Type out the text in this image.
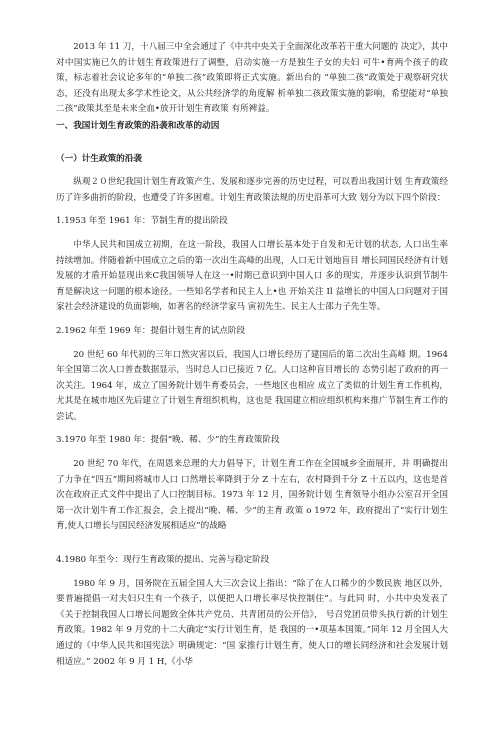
2013 年 11 刀，十八届三中全会通过了《中共中央关于全面深化改革若干重大问题的 决定》，其中对中国实施已久的计划生育政策进行了调整，启动实施一方是独生子女的夫妇 可牛•育两个孩子的政策，标志着社会议论多年的“单独二孩”政策即将正式实施。新出台的 “单独二孩”政策处于观察研究状态，还没有出现太多学术性论文，从公共经济学的角度解 析单独二孩政策实施的影响，希望能对“单独二孩”政策其至是未来全血•放开计划生育政策 有所裨益。

一、我国计划生育政策的沿袭和改革的动因

（一）计生政策的沿袭

纵观２０世纪我国计划生育政策产生、发展和逐步完善的历史过程，可以看出我国计划 生育政策经历了许多曲折的阶段，也遭受了许多困难。计划生育政策法规的历史沿革可大致 划分为以下四个阶段：

1.1953 年至 1961 年：节制生育的提出阶段

中华人民共和国成立初期，在这一阶段，我国人口增长基本处于自发和无计划的状态, 人口出生率持续增加。伴随着新中国成立之后的第一次出生高峰的出现，人口无计划地盲目 增长同国民经济有计划发展的才盾开始显现出来C我国领导人在这一•时期已意识到中国人口 多的现实，并逐步认识到节制牛育是解决这一问题的根本途径。一些知名学者和民主人上•也 开始关注 Il 益增长的中国人口问题对于国家社会经济建设的负面影响，如著名的经济学家马 寅初先生、民主人士邵力子先生等。

2.1962 年至 1969 年：提倡计划生育的试点阶段

20 世纪 60 年代初的三年口然灾害以后，我国人口增长经历了建国后的第二次出生高峰 期。1964 年全国第二次人口普查数据显示，当时总人口已接近 7 亿。人口这种盲目增长的 态势引起了政府的再一次关注。1964 年，成立了国务院计划牛育委员会，一些地区也相应 成立了类似的计划生育工作机构，尤其是在城市地区先后建立了计划生育组织机构，这也是 我国建立相应组织机构来推广节制生育工作的尝试。

3.1970 年至 1980 年：提倡“晚、稀、少”的生育政策阶段

20 世纪 70 年代，在周恩来总理的大力倡导下，计划生育工作在全国城乡全面展开，并 明确提出了力争在“四五”期间将城市人口 口然增长率降到于分 Z 十左右，农村降到千分 Z 十五以内，这也是首次在政府正式文件中提出了人口控制目标。1973 年 12 月，国务院计划 生育领导小组办公室召开全国第一次计划牛育工作汇报会，会上提出“晚、稀、少”的主育 政策 o 1972 年，政府提出了“实行计划生育,使人口增长与国民经济发展相适应”的战略

4.1980 年至今：现行生育政策的提出、完善与稳定阶段

1980 年 9 月，国务院在五届全国人大三次会议上指出：“除了在人口稀少的少数民族 地区以外，要普遍提倡一对夫妇只生有一个孩子，以便把人口增长率尽快控制住”。与此同 时，小共中央发表了《关于控制我国人口增长问题致全体共产党员、共青团员的公开信》， 号召党团员带头执行新的计划生育政策。1982 年 9 月党的十二大确定“实行计划生育，是 我国的一•项基本国策。”同年 12 月全国人大通过的《中华人民共和国宪法》明确规定：“国 家推行计划生育，使人口的增长同经济和社会发展计划相适应。” 2002 年 9 月 1 H,《小华
